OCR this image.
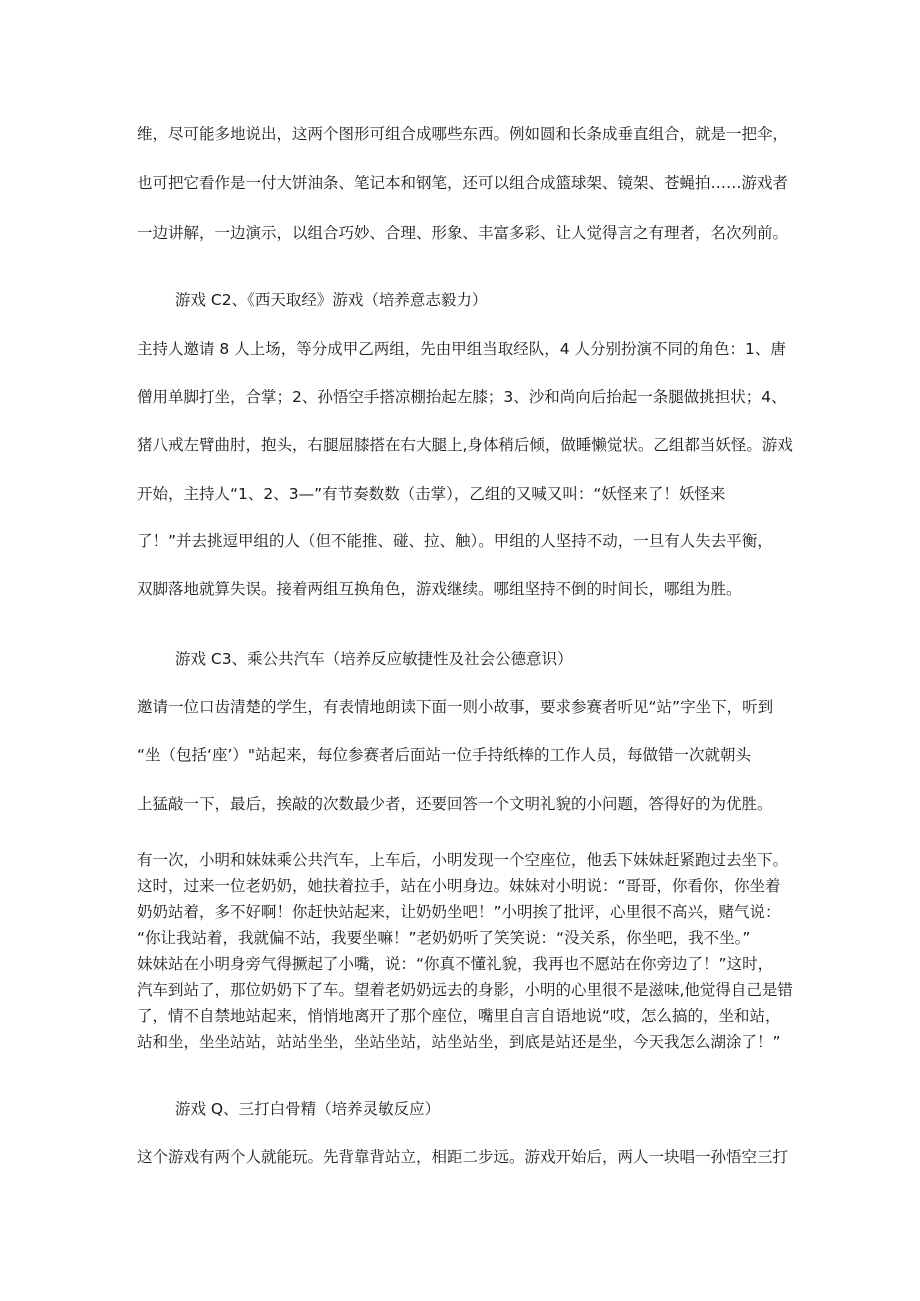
维，尽可能多地说出，这两个图形可组合成哪些东西。例如圆和长条成垂直组合，就是一把伞，
也可把它看作是一付大饼油条、笔记本和钢笔，还可以组合成篮球架、镜架、苍蝇拍……游戏者
一边讲解，一边演示，以组合巧妙、合理、形象、丰富多彩、让人觉得言之有理者，名次列前。
游戏 C2、《西天取经》游戏（培养意志毅力）
主持人邀请 8 人上场，等分成甲乙两组，先由甲组当取经队，4 人分别扮演不同的角色：1、唐
僧用单脚打坐，合掌；2、孙悟空手搭凉棚抬起左膝；3、沙和尚向后抬起一条腿做挑担状；4、
猪八戒左臂曲肘，抱头，右腿屈膝搭在右大腿上,身体稍后倾，做睡懒觉状。乙组都当妖怪。游戏
开始，主持人“1、2、3—”有节奏数数（击掌），乙组的又喊又叫：“妖怪来了！妖怪来
了！”并去挑逗甲组的人（但不能推、碰、拉、触）。甲组的人坚持不动，一旦有人失去平衡，
双脚落地就算失误。接着两组互换角色，游戏继续。哪组坚持不倒的时间长，哪组为胜。
游戏 C3、乘公共汽车（培养反应敏捷性及社会公德意识）
邀请一位口齿清楚的学生，有表情地朗读下面一则小故事，要求参赛者听见“站”字坐下，听到
“坐（包括‘座’）"站起来，每位参赛者后面站一位手持纸棒的工作人员，每做错一次就朝头
上猛敲一下，最后，挨敲的次数最少者，还要回答一个文明礼貌的小问题，答得好的为优胜。
有一次，小明和妹妹乘公共汽车，上车后，小明发现一个空座位，他丢下妹妹赶紧跑过去坐下。
这时，过来一位老奶奶，她扶着拉手，站在小明身边。妹妹对小明说：“哥哥，你看你，你坐着
奶奶站着，多不好啊！你赶快站起来，让奶奶坐吧！”小明挨了批评，心里很不高兴，赌气说：
“你让我站着，我就偏不站，我要坐嘛！”老奶奶听了笑笑说：“没关系，你坐吧，我不坐。”
妹妹站在小明身旁气得撅起了小嘴，说：“你真不懂礼貌，我再也不愿站在你旁边了！”这时，
汽车到站了，那位奶奶下了车。望着老奶奶远去的身影，小明的心里很不是滋味,他觉得自己是错
了，情不自禁地站起来，悄悄地离开了那个座位，嘴里自言自语地说“哎，怎么搞的，坐和站，
站和坐，坐坐站站，站站坐坐，坐站坐站，站坐站坐，到底是站还是坐，今天我怎么湖涂了！”
游戏 Q、三打白骨精（培养灵敏反应）
这个游戏有两个人就能玩。先背靠背站立，相距二步远。游戏开始后，两人一块唱一孙悟空三打
